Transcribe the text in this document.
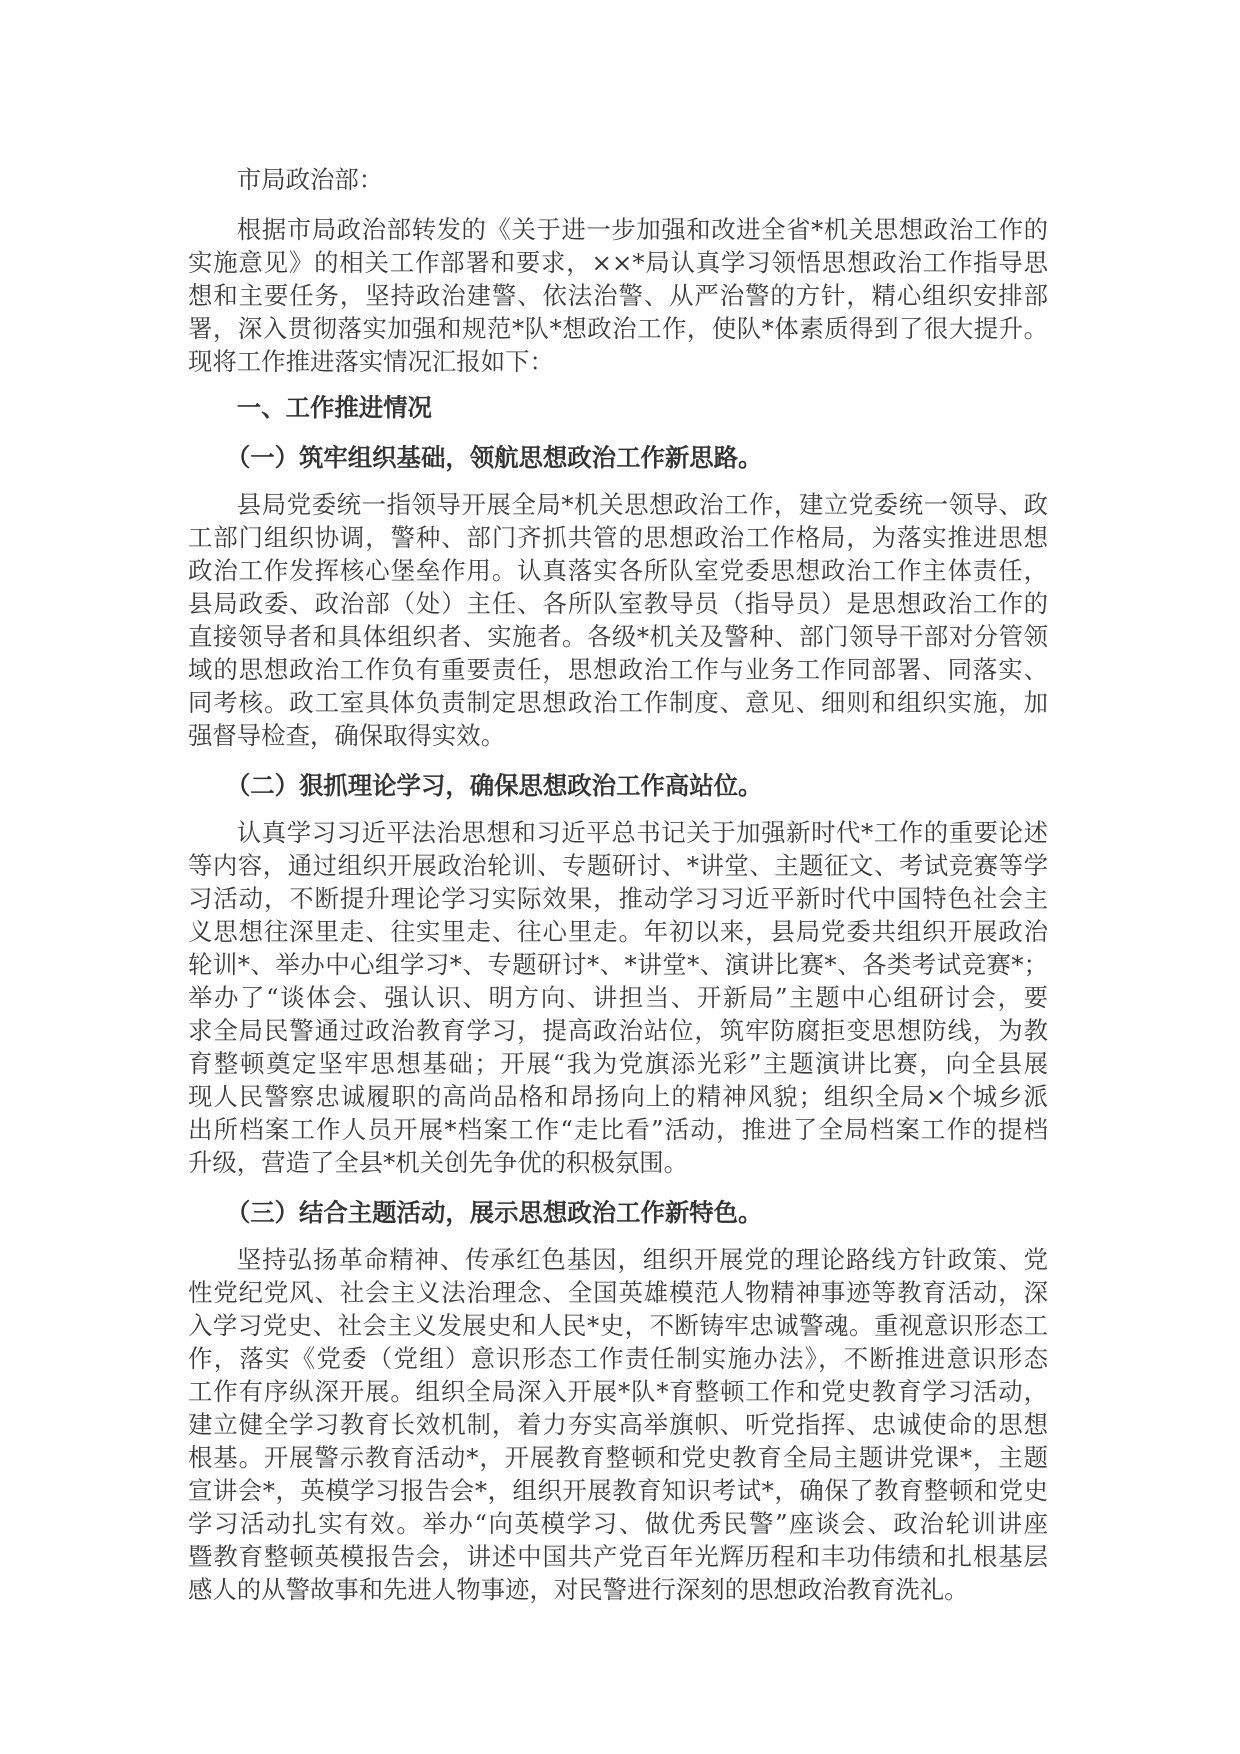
市局政治部：
根据市局政治部转发的《关于进一步加强和改进全省*机关思想政治工作的
实施意见》的相关工作部署和要求，××*局认真学习领悟思想政治工作指导思
想和主要任务，坚持政治建警、依法治警、从严治警的方针，精心组织安排部
署，深入贯彻落实加强和规范*队*想政治工作，使队*体素质得到了很大提升。
现将工作推进落实情况汇报如下：
一、工作推进情况
（一）筑牢组织基础，领航思想政治工作新思路。
县局党委统一指领导开展全局*机关思想政治工作，建立党委统一领导、政
工部门组织协调，警种、部门齐抓共管的思想政治工作格局，为落实推进思想
政治工作发挥核心堡垒作用。认真落实各所队室党委思想政治工作主体责任，
县局政委、政治部（处）主任、各所队室教导员（指导员）是思想政治工作的
直接领导者和具体组织者、实施者。各级*机关及警种、部门领导干部对分管领
域的思想政治工作负有重要责任，思想政治工作与业务工作同部署、同落实、
同考核。政工室具体负责制定思想政治工作制度、意见、细则和组织实施，加
强督导检查，确保取得实效。
（二）狠抓理论学习，确保思想政治工作高站位。
认真学习习近平法治思想和习近平总书记关于加强新时代*工作的重要论述
等内容，通过组织开展政治轮训、专题研讨、*讲堂、主题征文、考试竞赛等学
习活动，不断提升理论学习实际效果，推动学习习近平新时代中国特色社会主
义思想往深里走、往实里走、往心里走。年初以来，县局党委共组织开展政治
轮训*、举办中心组学习*、专题研讨*、*讲堂*、演讲比赛*、各类考试竞赛*；
举办了“谈体会、强认识、明方向、讲担当、开新局”主题中心组研讨会，要
求全局民警通过政治教育学习，提高政治站位，筑牢防腐拒变思想防线，为教
育整顿奠定坚牢思想基础；开展“我为党旗添光彩”主题演讲比赛，向全县展
现人民警察忠诚履职的高尚品格和昂扬向上的精神风貌；组织全局×个城乡派
出所档案工作人员开展*档案工作“走比看”活动，推进了全局档案工作的提档
升级，营造了全县*机关创先争优的积极氛围。
（三）结合主题活动，展示思想政治工作新特色。
坚持弘扬革命精神、传承红色基因，组织开展党的理论路线方针政策、党
性党纪党风、社会主义法治理念、全国英雄模范人物精神事迹等教育活动，深
入学习党史、社会主义发展史和人民*史，不断铸牢忠诚警魂。重视意识形态工
作，落实《党委（党组）意识形态工作责任制实施办法》，不断推进意识形态
工作有序纵深开展。组织全局深入开展*队*育整顿工作和党史教育学习活动，
建立健全学习教育长效机制，着力夯实高举旗帜、听党指挥、忠诚使命的思想
根基。开展警示教育活动*，开展教育整顿和党史教育全局主题讲党课*，主题
宣讲会*，英模学习报告会*，组织开展教育知识考试*，确保了教育整顿和党史
学习活动扎实有效。举办“向英模学习、做优秀民警”座谈会、政治轮训讲座
暨教育整顿英模报告会，讲述中国共产党百年光辉历程和丰功伟绩和扎根基层
感人的从警故事和先进人物事迹，对民警进行深刻的思想政治教育洗礼。
